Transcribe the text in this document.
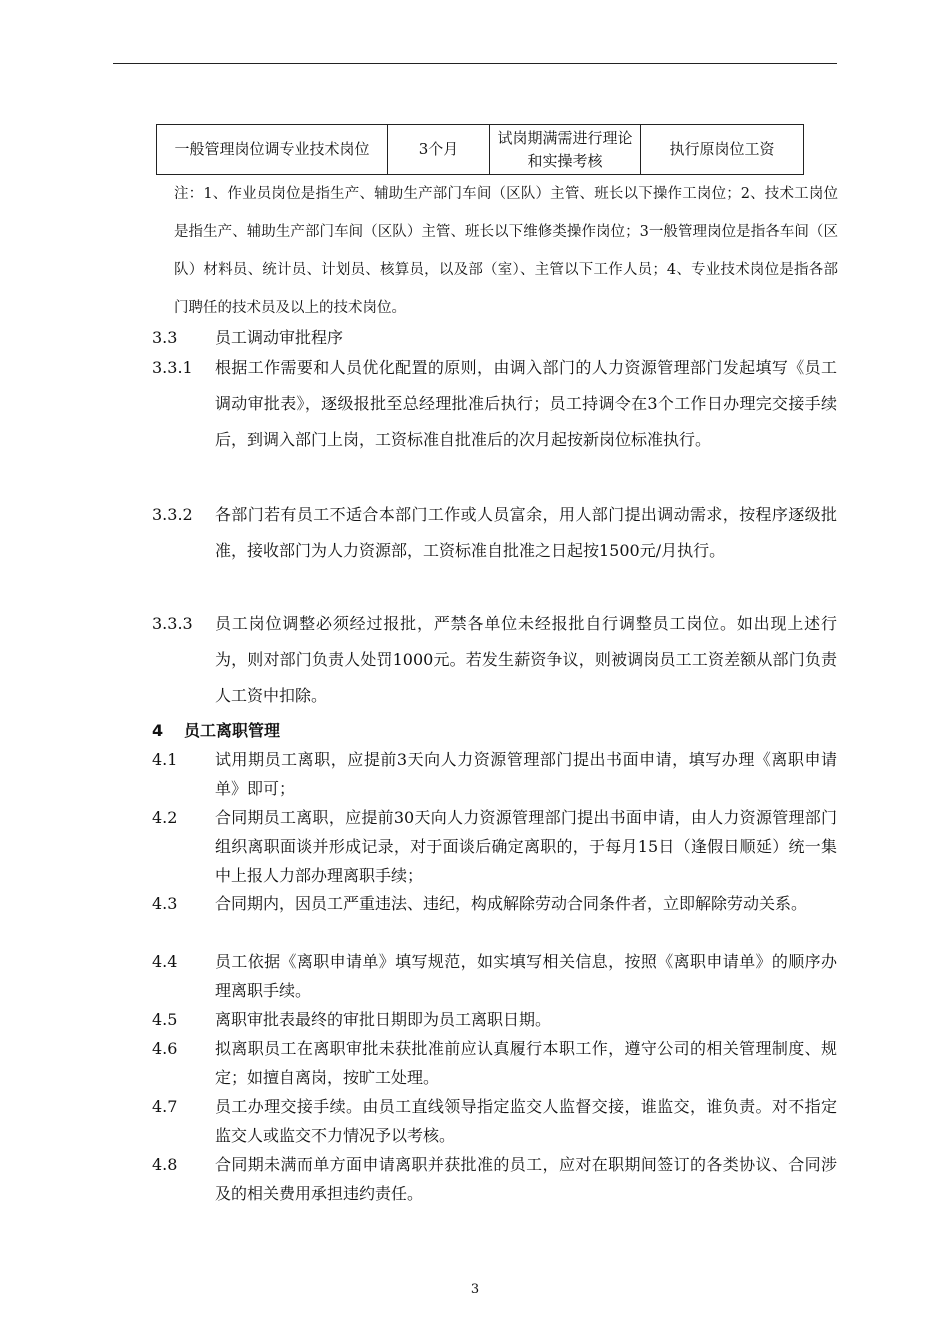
一般管理岗位调专业技术岗位	3个月	试岗期满需进行理论和实操考核	执行原岗位工资
注：1、作业员岗位是指生产、辅助生产部门车间（区队）主管、班长以下操作工岗位；2、技术工岗位是指生产、辅助生产部门车间（区队）主管、班长以下维修类操作岗位；3一般管理岗位是指各车间（区队）材料员、统计员、计划员、核算员，以及部（室）、主管以下工作人员；4、专业技术岗位是指各部门聘任的技术员及以上的技术岗位。
3.3 员工调动审批程序
3.3.1 根据工作需要和人员优化配置的原则，由调入部门的人力资源管理部门发起填写《员工调动审批表》，逐级报批至总经理批准后执行；员工持调令在3个工作日办理完交接手续后，到调入部门上岗，工资标准自批准后的次月起按新岗位标准执行。
3.3.2 各部门若有员工不适合本部门工作或人员富余，用人部门提出调动需求，按程序逐级批准，接收部门为人力资源部，工资标准自批准之日起按1500元/月执行。
3.3.3 员工岗位调整必须经过报批，严禁各单位未经报批自行调整员工岗位。如出现上述行为，则对部门负责人处罚1000元。若发生薪资争议，则被调岗员工工资差额从部门负责人工资中扣除。
4 员工离职管理
4.1 试用期员工离职，应提前3天向人力资源管理部门提出书面申请，填写办理《离职申请单》即可；
4.2 合同期员工离职，应提前30天向人力资源管理部门提出书面申请，由人力资源管理部门组织离职面谈并形成记录，对于面谈后确定离职的，于每月15日（逢假日顺延）统一集中上报人力部办理离职手续；
4.3 合同期内，因员工严重违法、违纪，构成解除劳动合同条件者，立即解除劳动关系。
4.4 员工依据《离职申请单》填写规范，如实填写相关信息，按照《离职申请单》的顺序办理离职手续。
4.5 离职审批表最终的审批日期即为员工离职日期。
4.6 拟离职员工在离职审批未获批准前应认真履行本职工作，遵守公司的相关管理制度、规定；如擅自离岗，按旷工处理。
4.7 员工办理交接手续。由员工直线领导指定监交人监督交接，谁监交，谁负责。对不指定监交人或监交不力情况予以考核。
4.8 合同期未满而单方面申请离职并获批准的员工，应对在职期间签订的各类协议、合同涉及的相关费用承担违约责任。
3
